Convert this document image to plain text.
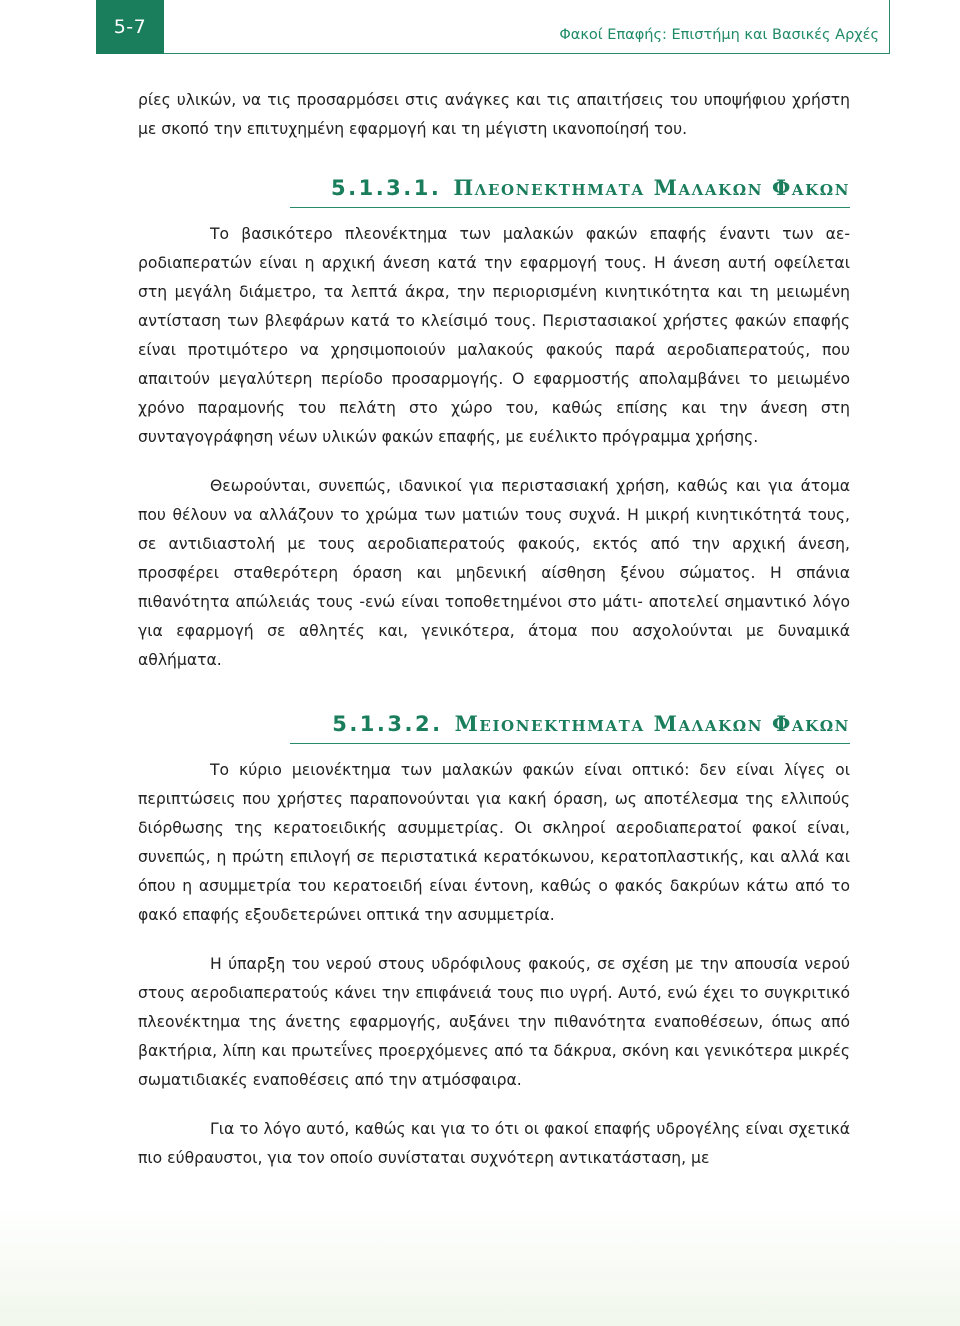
5-7	Φακοί Επαφής: Επιστήμη και Βασικές Αρχές

ρίες υλικών, να τις προσαρμόσει στις ανάγκες και τις απαιτήσεις του υποψήφιου χρήστη με σκοπό την επιτυχημένη εφαρμογή και τη μέγιστη ικανοποίησή του.

5.1.3.1. Πλεονεκτηματα Μαλακων Φακων

Το βασικότερο πλεονέκτημα των μαλακών φακών επαφής έναντι των αεροδιαπερατών είναι η αρχική άνεση κατά την εφαρμογή τους. Η άνεση αυτή οφείλεται στη μεγάλη διάμετρο, τα λεπτά άκρα, την περιορισμένη κινητικότητα και τη μειωμένη αντίσταση των βλεφάρων κατά το κλείσιμό τους. Περιστασιακοί χρήστες φακών επαφής είναι προτιμότερο να χρησιμοποιούν μαλακούς φακούς παρά αεροδιαπερατούς, που απαιτούν μεγαλύτερη περίοδο προσαρμογής. Ο εφαρμοστής απολαμβάνει το μειωμένο χρόνο παραμονής του πελάτη στο χώρο του, καθώς επίσης και την άνεση στη συνταγογράφηση νέων υλικών φακών επαφής, με ευέλικτο πρόγραμμα χρήσης.

Θεωρούνται, συνεπώς, ιδανικοί για περιστασιακή χρήση, καθώς και για άτομα που θέλουν να αλλάζουν το χρώμα των ματιών τους συχνά. Η μικρή κινητικότητά τους, σε αντιδιαστολή με τους αεροδιαπερατούς φακούς, εκτός από την αρχική άνεση, προσφέρει σταθερότερη όραση και μηδενική αίσθηση ξένου σώματος. Η σπάνια πιθανότητα απώλειάς τους -ενώ είναι τοποθετημένοι στο μάτι- αποτελεί σημαντικό λόγο για εφαρμογή σε αθλητές και, γενικότερα, άτομα που ασχολούνται με δυναμικά αθλήματα.

5.1.3.2. Μειονεκτηματα Μαλακων Φακων

Το κύριο μειονέκτημα των μαλακών φακών είναι οπτικό: δεν είναι λίγες οι περιπτώσεις που χρήστες παραπονούνται για κακή όραση, ως αποτέλεσμα της ελλιπούς διόρθωσης της κερατοειδικής ασυμμετρίας. Οι σκληροί αεροδιαπερατοί φακοί είναι, συνεπώς, η πρώτη επιλογή σε περιστατικά κερατόκωνου, κερατοπλαστικής, και αλλά και όπου η ασυμμετρία του κερατοειδή είναι έντονη, καθώς ο φακός δακρύων κάτω από το φακό επαφής εξουδετερώνει οπτικά την ασυμμετρία.

Η ύπαρξη του νερού στους υδρόφιλους φακούς, σε σχέση με την απουσία νερού στους αεροδιαπερατούς κάνει την επιφάνειά τους πιο υγρή. Αυτό, ενώ έχει το συγκριτικό πλεονέκτημα της άνετης εφαρμογής, αυξάνει την πιθανότητα εναποθέσεων, όπως από βακτήρια, λίπη και πρωτεΐνες προερχόμενες από τα δάκρυα, σκόνη και γενικότερα μικρές σωματιδιακές εναποθέσεις από την ατμόσφαιρα.

Για το λόγο αυτό, καθώς και για το ότι οι φακοί επαφής υδρογέλης είναι σχετικά πιο εύθραυστοι, για τον οποίο συνίσταται συχνότερη αντικατάσταση, με
